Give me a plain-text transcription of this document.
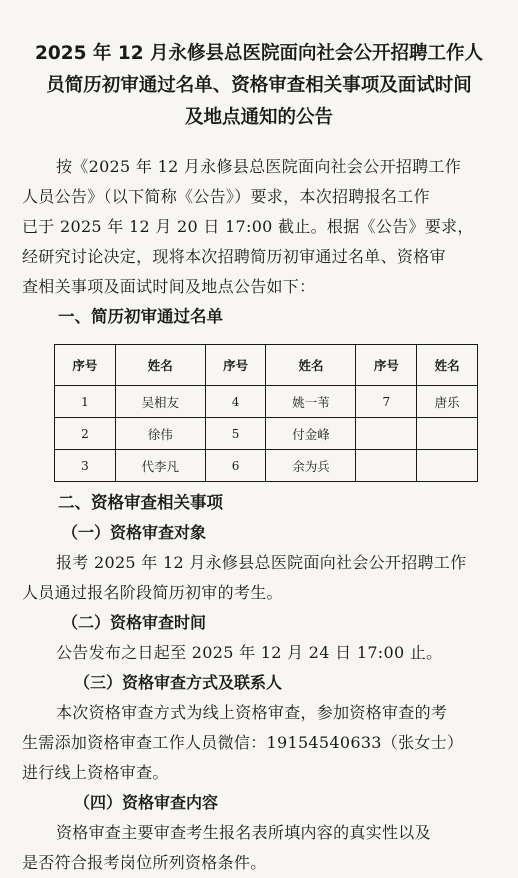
2025 年 12 月永修县总医院面向社会公开招聘工作人
员简历初审通过名单、资格审查相关事项及面试时间
及地点通知的公告

按《2025 年 12 月永修县总医院面向社会公开招聘工作
人员公告》（以下简称《公告》）要求，本次招聘报名工作
已于 2025 年 12 月 20 日 17:00 截止。根据《公告》要求，
经研究讨论决定，现将本次招聘简历初审通过名单、资格审
查相关事项及面试时间及地点公告如下：

一、简历初审通过名单
序号	姓名	序号	姓名	序号	姓名
1	吴相友	4	姚一苇	7	唐乐
2	徐伟	5	付金峰		
3	代李凡	6	余为兵		
二、资格审查相关事项
（一）资格审查对象

报考 2025 年 12 月永修县总医院面向社会公开招聘工作
人员通过报名阶段简历初审的考生。

（二）资格审查时间

公告发布之日起至 2025 年 12 月 24 日 17:00 止。

（三）资格审查方式及联系人

本次资格审查方式为线上资格审查，参加资格审查的考
生需添加资格审查工作人员微信：19154540633（张女士）
进行线上资格审查。

（四）资格审查内容

资格审查主要审查考生报名表所填内容的真实性以及
是否符合报考岗位所列资格条件。
